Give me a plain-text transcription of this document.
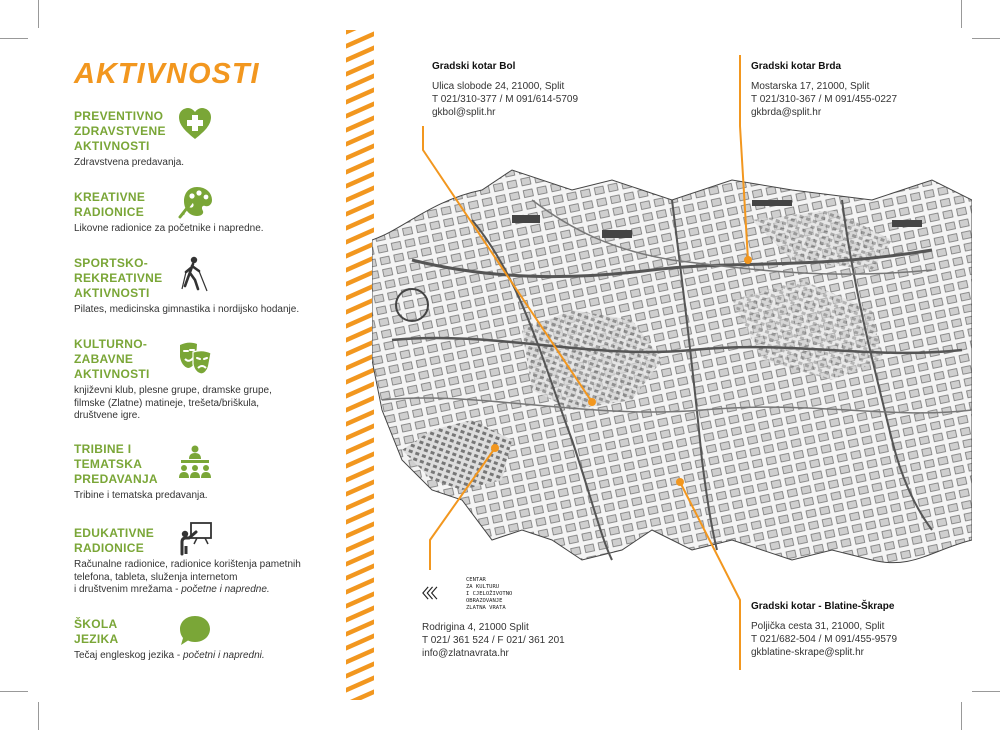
AKTIVNOSTI
PREVENTIVNO
ZDRAVSTVENE
AKTIVNOSTI

Zdravstvena predavanja.

KREATIVNE
RADIONICE

Likovne radionice za početnike i napredne.

SPORTSKO-
REKREATIVNE
AKTIVNOSTI

Pilates, medicinska gimnastika i nordijsko hodanje.

KULTURNO-
ZABAVNE
AKTIVNOSTI

književni klub, plesne grupe, dramske grupe,
filmske (Zlatne) matineje, trešeta/briškula,
društvene igre.

TRIBINE I
TEMATSKA
PREDAVANJA

Tribine i tematska predavanja.

EDUKATIVNE
RADIONICE

Računalne radionice, radionice korištenja pametnih
telefona, tableta, služenja internetom
i društvenim mrežama - početne i napredne.

ŠKOLA
JEZIKA

Tečaj engleskog jezika - početni i napredni.

Gradski kotar Bol
Ulica slobode 24, 21000, Split
T 021/310-377 / M 091/614-5709
gkbol@split.hr
Gradski kotar Brda
Mostarska 17, 21000, Split
T 021/310-367 / M 091/455-0227
gkbrda@split.hr
Gradski kotar - Blatine-Škrape
Poljička cesta 31, 21000, Split
T 021/682-504 / M 091/455-9579
gkblatine-skrape@split.hr
CENTAR
ZA KULTURU
I CJELOŽIVOTNO
OBRAZOVANJE
ZLATNA VRATA
Rodrigina 4, 21000 Split
T 021/ 361 524 / F 021/ 361 201
info@zlatnavrata.hr
